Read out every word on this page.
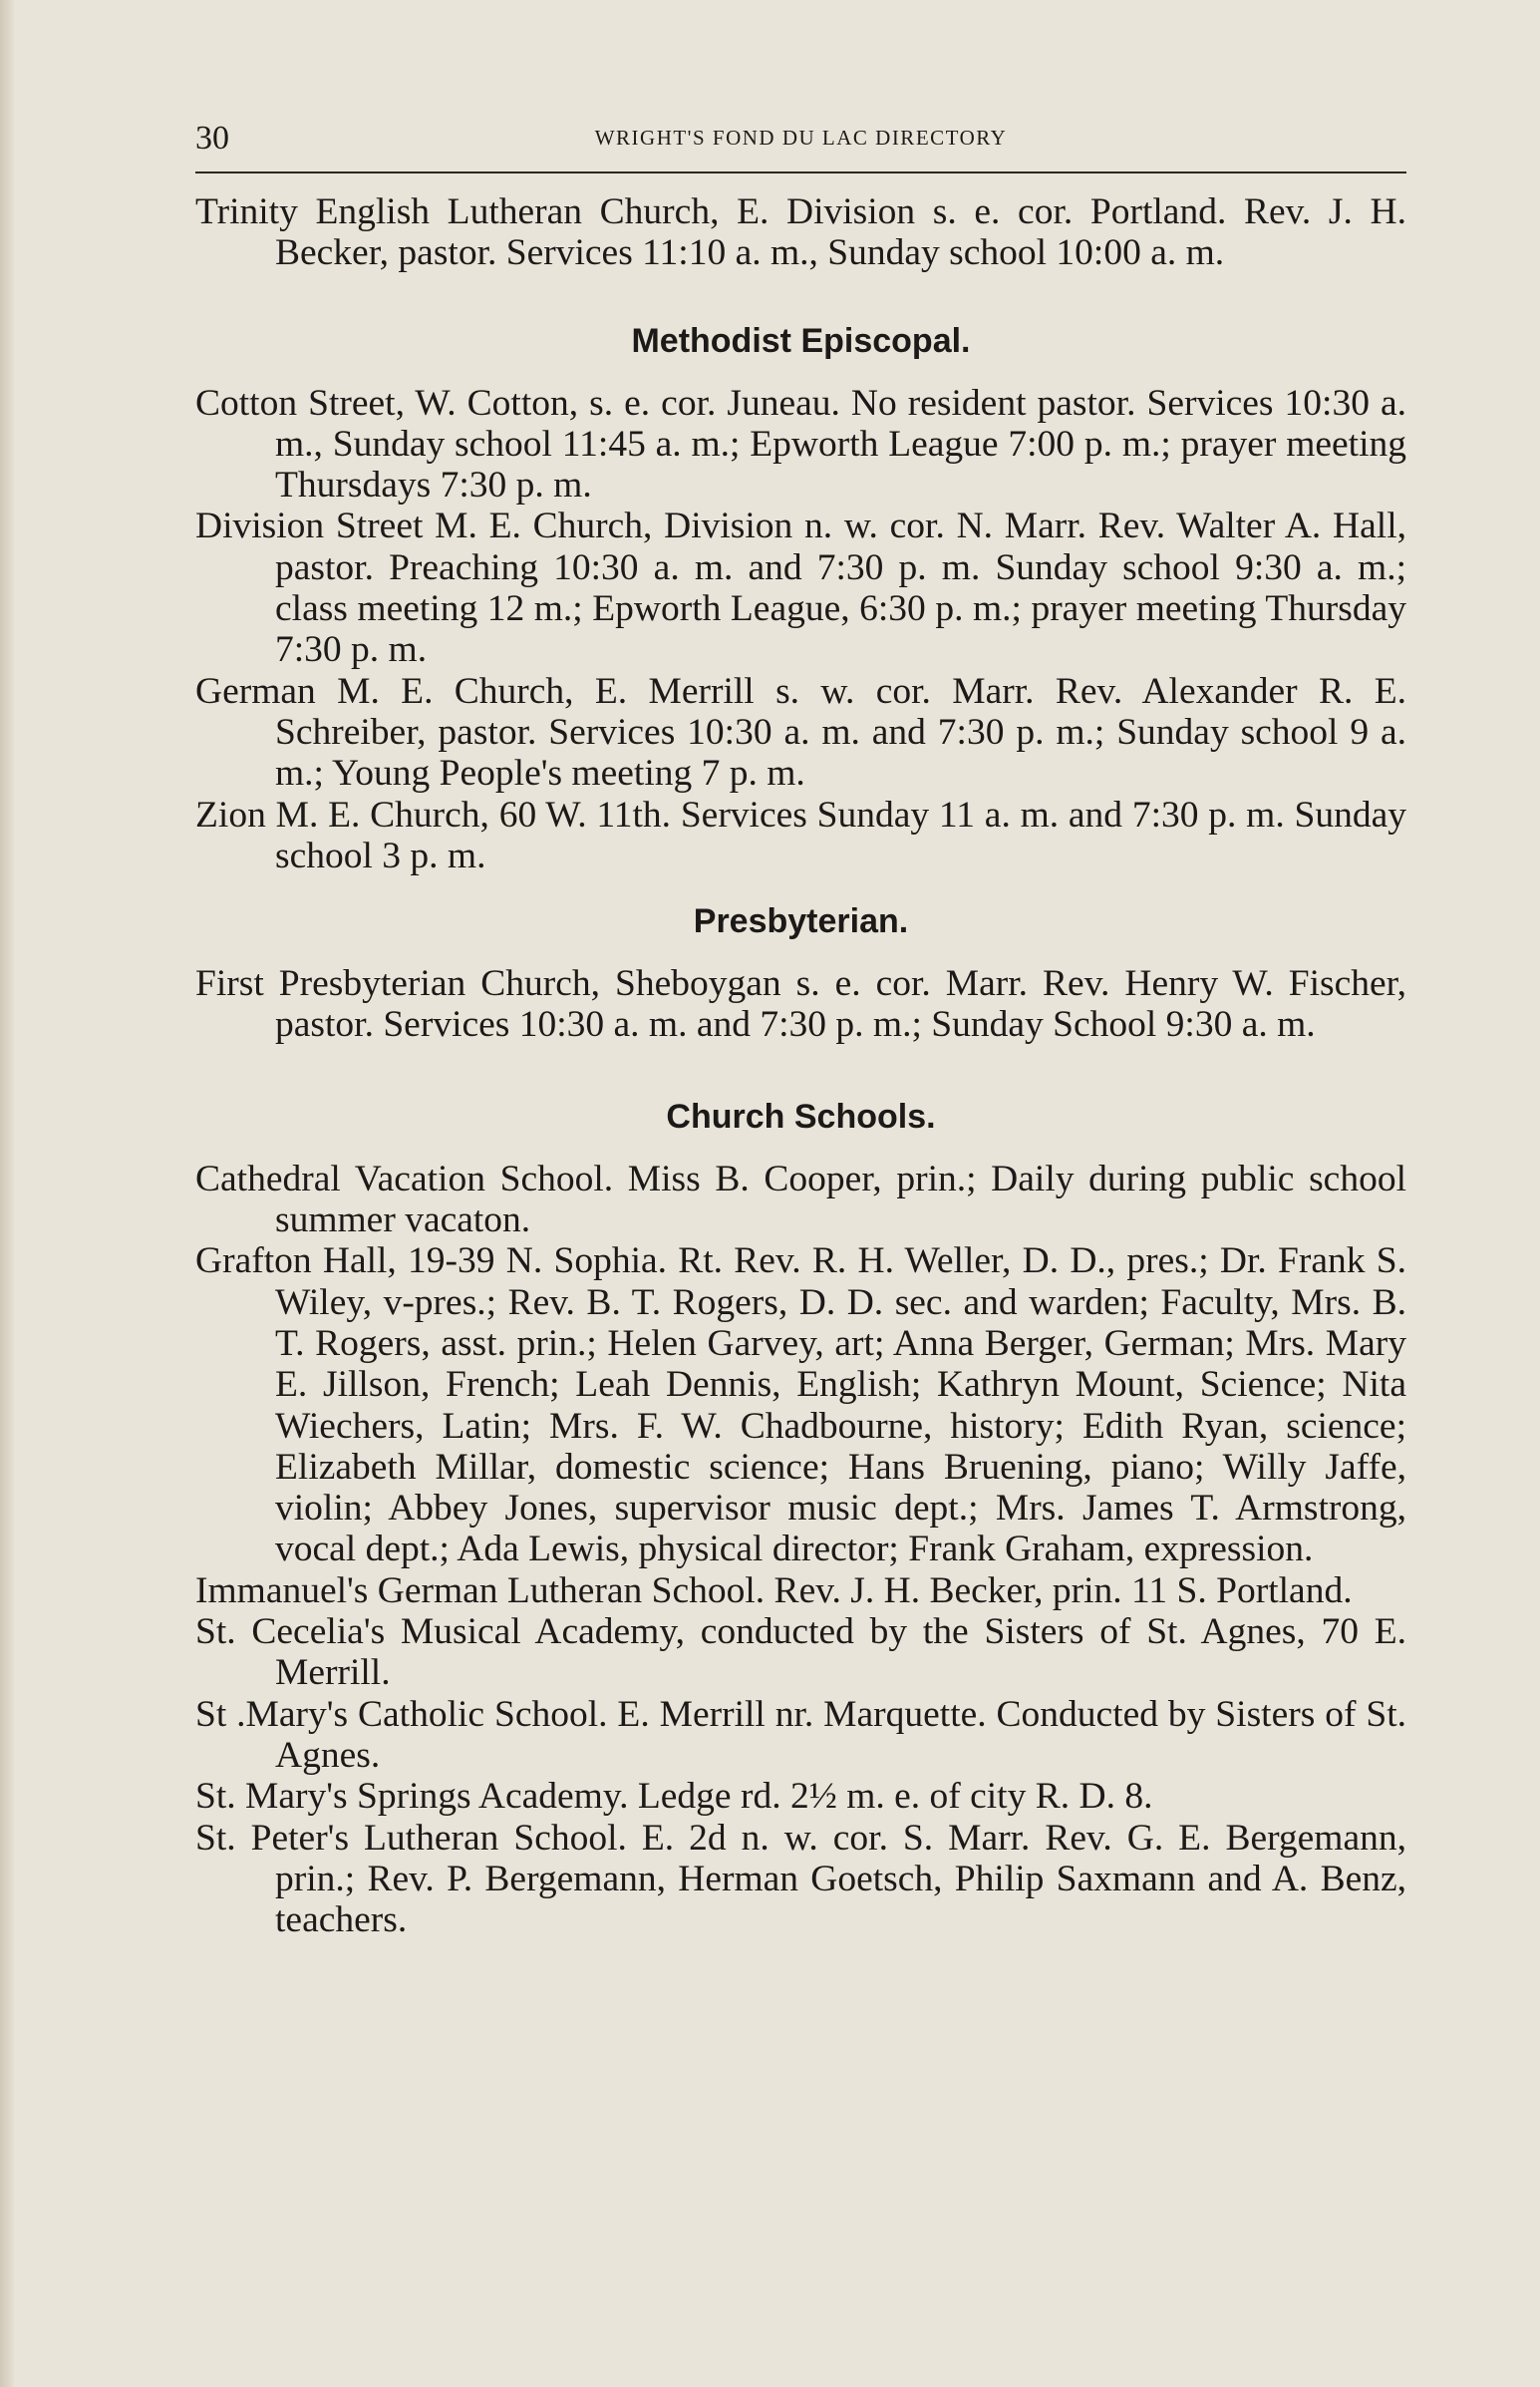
30	WRIGHT'S FOND DU LAC DIRECTORY

Trinity English Lutheran Church, E. Division s. e. cor. Portland. Rev. J. H. Becker, pastor. Services 11:10 a. m., Sunday school 10:00 a. m.

Methodist Episcopal.

Cotton Street, W. Cotton, s. e. cor. Juneau. No resident pastor. Services 10:30 a. m., Sunday school 11:45 a. m.; Epworth League 7:00 p. m.; prayer meeting Thursdays 7:30 p. m.

Division Street M. E. Church, Division n. w. cor. N. Marr. Rev. Walter A. Hall, pastor. Preaching 10:30 a. m. and 7:30 p. m. Sunday school 9:30 a. m.; class meeting 12 m.; Epworth League, 6:30 p. m.; prayer meeting Thursday 7:30 p. m.

German M. E. Church, E. Merrill s. w. cor. Marr. Rev. Alexander R. E. Schreiber, pastor. Services 10:30 a. m. and 7:30 p. m.; Sunday school 9 a. m.; Young People's meeting 7 p. m.

Zion M. E. Church, 60 W. 11th. Services Sunday 11 a. m. and 7:30 p. m. Sunday school 3 p. m.

Presbyterian.

First Presbyterian Church, Sheboygan s. e. cor. Marr. Rev. Henry W. Fischer, pastor. Services 10:30 a. m. and 7:30 p. m.; Sunday School 9:30 a. m.

Church Schools.

Cathedral Vacation School. Miss B. Cooper, prin.; Daily during public school summer vacaton.

Grafton Hall, 19-39 N. Sophia. Rt. Rev. R. H. Weller, D. D., pres.; Dr. Frank S. Wiley, v-pres.; Rev. B. T. Rogers, D. D. sec. and warden; Faculty, Mrs. B. T. Rogers, asst. prin.; Helen Garvey, art; Anna Berger, German; Mrs. Mary E. Jillson, French; Leah Dennis, English; Kathryn Mount, Science; Nita Wiechers, Latin; Mrs. F. W. Chadbourne, history; Edith Ryan, science; Elizabeth Millar, domestic science; Hans Bruening, piano; Willy Jaffe, violin; Abbey Jones, supervisor music dept.; Mrs. James T. Armstrong, vocal dept.; Ada Lewis, physical director; Frank Graham, expression.

Immanuel's German Lutheran School. Rev. J. H. Becker, prin. 11 S. Portland.

St. Cecelia's Musical Academy, conducted by the Sisters of St. Agnes, 70 E. Merrill.

St .Mary's Catholic School. E. Merrill nr. Marquette. Conducted by Sisters of St. Agnes.

St. Mary's Springs Academy. Ledge rd. 2½ m. e. of city R. D. 8.

St. Peter's Lutheran School. E. 2d n. w. cor. S. Marr. Rev. G. E. Bergemann, prin.; Rev. P. Bergemann, Herman Goetsch, Philip Saxmann and A. Benz, teachers.
